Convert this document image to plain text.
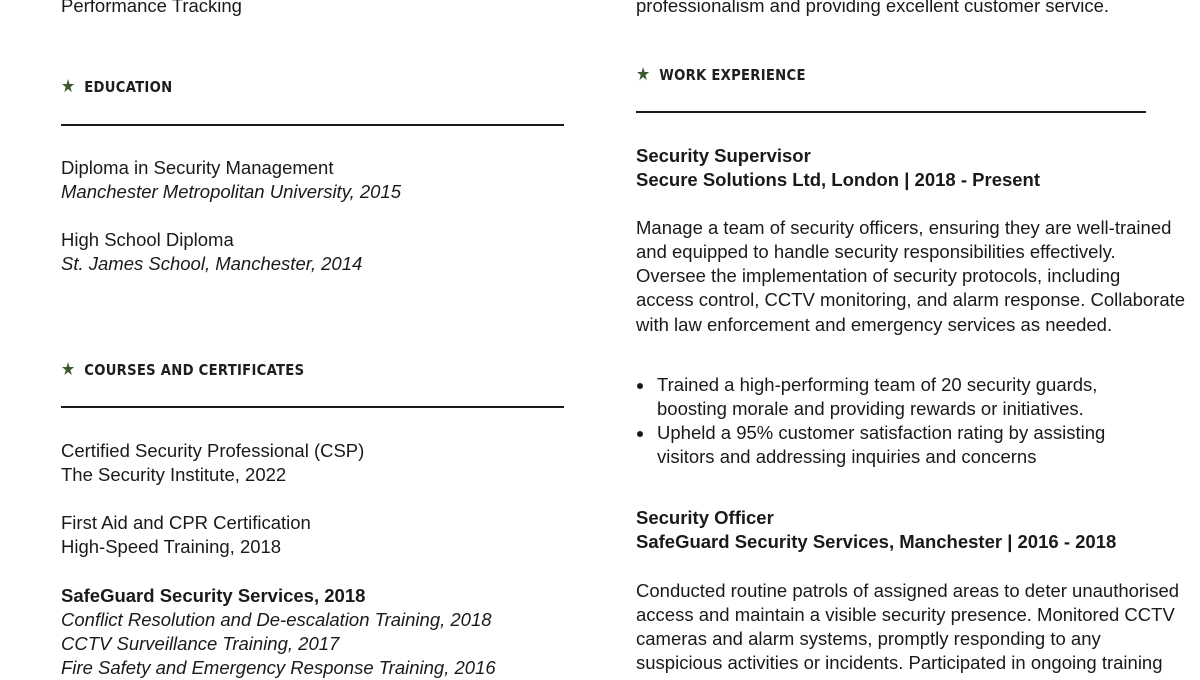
Performance Tracking
★ EDUCATION
Diploma in Security Management
Manchester Metropolitan University, 2015
High School Diploma
St. James School, Manchester, 2014
★ COURSES AND CERTIFICATES
Certified Security Professional (CSP)
The Security Institute, 2022
First Aid and CPR Certification
High-Speed Training, 2018
SafeGuard Security Services, 2018
Conflict Resolution and De-escalation Training, 2018
CCTV Surveillance Training, 2017
Fire Safety and Emergency Response Training, 2016
professionalism and providing excellent customer service.
★ WORK EXPERIENCE
Security Supervisor
Secure Solutions Ltd, London | 2018 - Present
Manage a team of security officers, ensuring they are well-trained
and equipped to handle security responsibilities effectively.
Oversee the implementation of security protocols, including
access control, CCTV monitoring, and alarm response. Collaborate
with law enforcement and emergency services as needed.
Trained a high-performing team of 20 security guards,
boosting morale and providing rewards or initiatives.
Upheld a 95% customer satisfaction rating by assisting
visitors and addressing inquiries and concerns
Security Officer
SafeGuard Security Services, Manchester | 2016 - 2018
Conducted routine patrols of assigned areas to deter unauthorised
access and maintain a visible security presence. Monitored CCTV
cameras and alarm systems, promptly responding to any
suspicious activities or incidents. Participated in ongoing training
